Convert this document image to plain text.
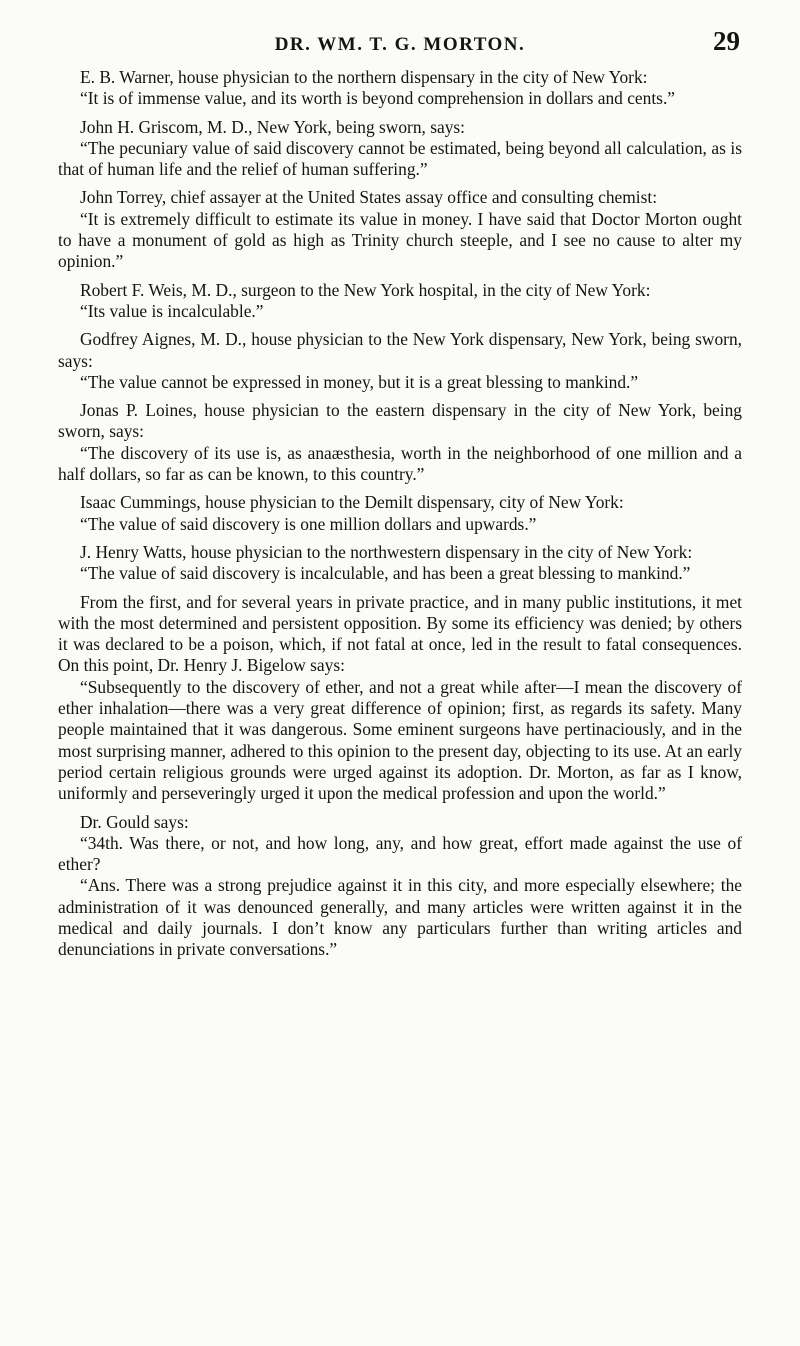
DR. WM. T. G. MORTON.	29

E. B. Warner, house physician to the northern dispensary in the city of New York:

“It is of immense value, and its worth is beyond comprehension in dollars and cents.”

John H. Griscom, M. D., New York, being sworn, says:

“The pecuniary value of said discovery cannot be estimated, being beyond all calculation, as is that of human life and the relief of human suffering.”

John Torrey, chief assayer at the United States assay office and consulting chemist:

“It is extremely difficult to estimate its value in money. I have said that Doctor Morton ought to have a monument of gold as high as Trinity church steeple, and I see no cause to alter my opinion.”

Robert F. Weis, M. D., surgeon to the New York hospital, in the city of New York:

“Its value is incalculable.”

Godfrey Aignes, M. D., house physician to the New York dispensary, New York, being sworn, says:

“The value cannot be expressed in money, but it is a great blessing to mankind.”

Jonas P. Loines, house physician to the eastern dispensary in the city of New York, being sworn, says:

“The discovery of its use is, as anaæsthesia, worth in the neighborhood of one million and a half dollars, so far as can be known, to this country.”

Isaac Cummings, house physician to the Demilt dispensary, city of New York:

“The value of said discovery is one million dollars and upwards.”

J. Henry Watts, house physician to the northwestern dispensary in the city of New York:

“The value of said discovery is incalculable, and has been a great blessing to mankind.”

From the first, and for several years in private practice, and in many public institutions, it met with the most determined and persistent opposition. By some its efficiency was denied; by others it was declared to be a poison, which, if not fatal at once, led in the result to fatal consequences. On this point, Dr. Henry J. Bigelow says:

“Subsequently to the discovery of ether, and not a great while after—I mean the discovery of ether inhalation—there was a very great difference of opinion; first, as regards its safety. Many people maintained that it was dangerous. Some eminent surgeons have pertinaciously, and in the most surprising manner, adhered to this opinion to the present day, objecting to its use. At an early period certain religious grounds were urged against its adoption. Dr. Morton, as far as I know, uniformly and perseveringly urged it upon the medical profession and upon the world.”

Dr. Gould says:

“34th. Was there, or not, and how long, any, and how great, effort made against the use of ether?

“Ans. There was a strong prejudice against it in this city, and more especially elsewhere; the administration of it was denounced generally, and many articles were written against it in the medical and daily journals. I don’t know any particulars further than writing articles and denunciations in private conversations.”
